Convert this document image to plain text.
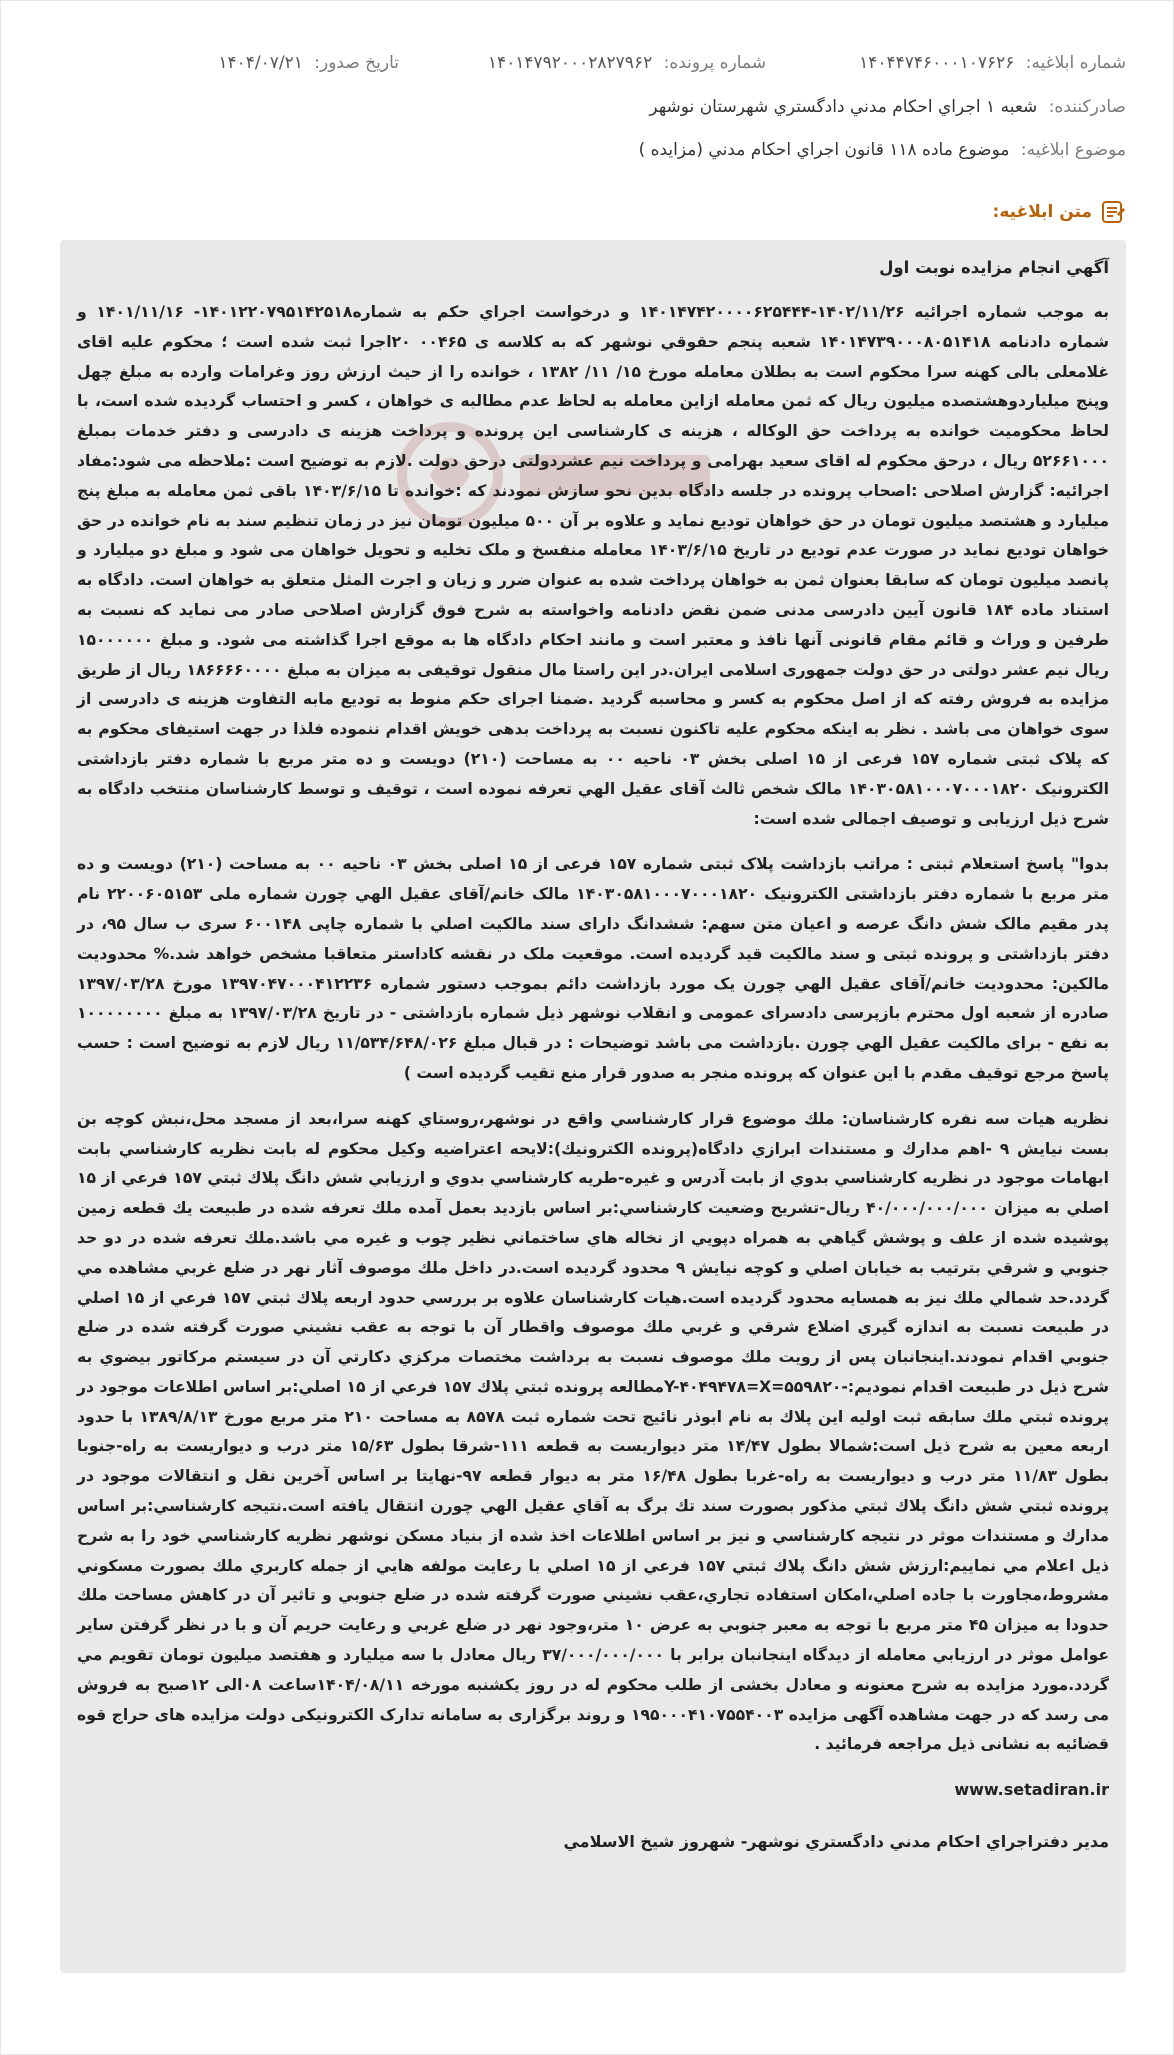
شماره ابلاغيه: ۱۴۰۴۴۷۴۶۰۰۰۱۰۷۶۲۶
شماره پرونده: ۱۴۰۱۴۷۹۲۰۰۰۲۸۲۷۹۶۲
تاريخ صدور: ۱۴۰۴/۰۷/۲۱
صادرکننده: شعبه ۱ اجراي احکام مدني دادگستري شهرستان نوشهر
موضوع ابلاغيه: موضوع ماده ۱۱۸ قانون اجراي احکام مدني (مزايده )
متن ابلاغيه:
آگهي انجام مزايده نوبت اول

به موجب شماره اجرائيه ۱۴۰۲/۱۱/۲۶-۱۴۰۱۴۷۴۲۰۰۰۰۶۲۵۴۴۴ و درخواست اجراي حکم به شماره۱۴۰۱۲۲۰۷۹۵۱۴۲۵۱۸- ۱۴۰۱/۱۱/۱۶ و شماره دادنامه ۱۴۰۱۴۷۳۹۰۰۰۸۰۵۱۴۱۸ شعبه پنجم حقوقي نوشهر که به کلاسه ی ۰۰۴۶۵ ۲۰اجرا ثبت شده است ؛ محکوم علیه اقای غلامعلی بالی کهنه سرا محکوم است به بطلان معامله مورخ ۱۵/ ۱۱/ ۱۳۸۲ ، خوانده را از حیث ارزش روز وغرامات وارده به مبلغ چهل وپنج میلیاردوهشتصده میلیون ریال که ثمن معامله ازاین معامله به لحاظ عدم مطالبه ی خواهان ، کسر و احتساب گردیده شده است، با لحاظ محکومیت خوانده به پرداخت حق الوکاله ، هزینه ی کارشناسی این پرونده و پرداخت هزینه ی دادرسی و دفتر خدمات بمبلغ ۵۲۶۶۱۰۰۰ ریال ، درحق محکوم له اقای سعید بهرامی و پرداخت نیم عشردولتی درحق دولت .لازم به توضیح است :ملاحظه می شود:مفاد اجرائیه: گزارش اصلاحی :اصحاب پرونده در جلسه دادگاه بدین نحو سازش نمودند که :خوانده تا ۱۴۰۳/۶/۱۵ باقی ثمن معامله به مبلغ پنج میلیارد و هشتصد میلیون تومان در حق خواهان توديع نمايد و علاوه بر آن ۵۰۰ ميليون تومان نيز در زمان تنظيم سند به نام خوانده در حق خواهان توديع نمايد در صورت عدم توديع در تاريخ ۱۴۰۳/۶/۱۵ معامله منفسخ و ملک تخليه و تحويل خواهان می شود و مبلغ دو ميليارد و پانصد ميليون تومان که سابقا بعنوان ثمن به خواهان پرداخت شده به عنوان ضرر و زيان و اجرت المثل متعلق به خواهان است. دادگاه به استناد ماده ۱۸۴ قانون آيين دادرسی مدنی ضمن نقض دادنامه واخواسته به شرح فوق گزارش اصلاحی صادر می نمايد که نسبت به طرفين و وراث و قائم مقام قانونی آنها نافذ و معتبر است و مانند احکام دادگاه ها به موقع اجرا گذاشته می شود. و مبلغ ۱۵۰۰۰۰۰۰ ریال نیم عشر دولتی در حق دولت جمهوری اسلامی ایران.در این راستا مال منقول توقیفی به میزان به مبلغ ۱۸۶۶۶۶۰۰۰۰ ریال از طریق مزایده به فروش رفته که از اصل محکوم به کسر و محاسبه گردید .ضمنا اجرای حکم منوط به توديع مابه التفاوت هزينه ی دادرسی از سوی خواهان می باشد . نظر به اينکه محکوم عليه تاکنون نسبت به پرداخت بدهی خويش اقدام ننموده فلذا در جهت استيفای محکوم به که پلاک ثبتی شماره ۱۵۷ فرعی از ۱۵ اصلی بخش ۰۳ ناحيه ۰۰ به مساحت (۲۱۰) دويست و ده متر مربع با شماره دفتر بازداشتی الکترونيک ۱۴۰۳۰۵۸۱۰۰۰۷۰۰۰۱۸۲۰ مالک شخص ثالث آقای عقيل الهي تعرفه نموده است ، توقيف و توسط کارشناسان منتخب دادگاه به شرح ذيل ارزيابی و توصيف اجمالی شده است:

بدوا" پاسخ استعلام ثبتی : مراتب بازداشت پلاک ثبتی شماره ۱۵۷ فرعی از ۱۵ اصلی بخش ۰۳ ناحیه ۰۰ به مساحت (۲۱۰) دویست و ده متر مربع با شماره دفتر بازداشتی الکترونیک ۱۴۰۳۰۵۸۱۰۰۰۷۰۰۰۱۸۲۰ مالک خانم/آقای عقیل الهي چورن شماره ملی ۲۲۰۰۶۰۵۱۵۳ نام پدر مقیم مالک شش دانگ عرصه و اعیان متن سهم: ششدانگ دارای سند مالکیت اصلي با شماره چاپی ۶۰۰۱۴۸ سری ب سال ۹۵، در دفتر بازداشتی و پرونده ثبتی و سند مالکیت قید گردیده است. موقعیت ملک در نقشه کاداستر متعاقبا مشخص خواهد شد.% محدودیت مالکین: محدودیت خانم/آقای عقیل الهي چورن یک مورد بازداشت دائم بموجب دستور شماره ۱۳۹۷۰۴۷۰۰۰۴۱۲۲۳۶ مورخ ۱۳۹۷/۰۳/۲۸ صادره از شعبه اول محترم بازپرسی دادسرای عمومی و انقلاب نوشهر ذیل شماره بازداشتی - در تاریخ ۱۳۹۷/۰۳/۲۸ به مبلغ ۱۰۰۰۰۰۰۰۰ به نفع - برای مالکیت عقیل الهي چورن .بازداشت می باشد توضیحات : در قبال مبلغ ۱۱/۵۳۴/۶۴۸/۰۲۶ ریال لازم به توضیح است : حسب پاسخ مرجع توقیف مقدم با این عنوان که پرونده منجر به صدور قرار منع تقیب گردیده است )

نظريه هيات سه نفره کارشناسان: ملك موضوع قرار كارشناسي واقع در نوشهر،روستاي كهنه سرا،بعد از مسجد محل،نبش كوچه بن بست نيايش ۹ -اهم مدارك و مستندات ابرازي دادگاه(پرونده الكترونيك):لايحه اعتراضيه وكيل محكوم له بابت نظريه كارشناسي بابت ابهامات موجود در نظريه كارشناسي بدوي از بابت آدرس و غيره-طريه كارشناسي بدوي و ارزيابي شش دانگ پلاك ثبتي ۱۵۷ فرعي از ۱۵ اصلي به ميزان ۴۰/۰۰۰/۰۰۰/۰۰۰ ريال-تشريح وضعيت كارشناسي:بر اساس بازديد بعمل آمده ملك تعرفه شده در طبيعت يك قطعه زمين پوشيده شده از علف و پوشش گياهي به همراه دپويي از نخاله هاي ساختماني نظير چوب و غيره مي باشد.ملك تعرفه شده در دو حد جنوبي و شرقي بترتيب به خيابان اصلي و كوچه نيايش ۹ محدود گرديده است.در داخل ملك موصوف آثار نهر در ضلع غربي مشاهده مي گردد.حد شمالي ملك نيز به همسايه محدود گرديده است.هيات كارشناسان علاوه بر بررسي حدود اربعه پلاك ثبتي ۱۵۷ فرعي از ۱۵ اصلي در طبيعت نسبت به اندازه گيري اضلاع شرقي و غربي ملك موصوف واقطار آن با توجه به عقب نشيني صورت گرفته شده در ضلع جنوبي اقدام نمودند.اينجانبان پس از رويت ملك موصوف نسبت به برداشت مختصات مركزي دكارتي آن در سيستم مركاتور بيضوي به شرح ذيل در طبيعت اقدام نموديم:-۵۵۹۸۲۰=Y-۴۰۴۹۴۷۸=Xمطالعه پرونده ثبتي پلاك ۱۵۷ فرعي از ۱۵ اصلي:بر اساس اطلاعات موجود در پرونده ثبتي ملك سابقه ثبت اوليه اين پلاك به نام ابوذر نائيج تحت شماره ثبت ۸۵۷۸ به مساحت ۲۱۰ متر مربع مورخ ۱۳۸۹/۸/۱۳ با حدود اربعه معين به شرح ذيل است:شمالا بطول ۱۴/۴۷ متر ديواريست به قطعه ۱۱۱-شرقا بطول ۱۵/۶۳ متر درب و ديواريست به راه-جنوبا بطول ۱۱/۸۳ متر درب و ديواريست به راه-غربا بطول ۱۶/۴۸ متر به ديوار قطعه ۹۷-نهايتا بر اساس آخرين نقل و انتقالات موجود در پرونده ثبتي شش دانگ پلاك ثبتي مذكور بصورت سند تك برگ به آقاي عقيل الهي چورن انتقال يافته است.نتيجه كارشناسي:بر اساس مدارك و مستندات موثر در نتيجه كارشناسي و نيز بر اساس اطلاعات اخذ شده از بنياد مسكن نوشهر نظريه كارشناسي خود را به شرح ذيل اعلام مي نماييم:ارزش شش دانگ پلاك ثبتي ۱۵۷ فرعي از ۱۵ اصلي با رعايت مولفه هايي از جمله كاربري ملك بصورت مسكوني مشروط،مجاورت با جاده اصلي،امكان استفاده تجاري،عقب نشيني صورت گرفته شده در ضلع جنوبي و تاثير آن در كاهش مساحت ملك حدودا به ميزان ۴۵ متر مربع با توجه به معبر جنوبي به عرض ۱۰ متر،وجود نهر در ضلع غربي و رعايت حريم آن و با در نظر گرفتن ساير عوامل موثر در ارزيابي معامله از ديدگاه اينجانبان برابر با ۳۷/۰۰۰/۰۰۰/۰۰۰ ريال معادل با سه ميليارد و هفتصد ميليون تومان تقويم مي گردد.مورد مزايده به شرح معنونه و معادل بخشى از طلب محكوم له در روز يكشنبه مورخه ۱۴۰۴/۰۸/۱۱ساعت ۰۸الی ۱۲صبح به فروش می رسد که در جهت مشاهده آگهی مزايده ۱۹۵۰۰۰۴۱۰۷۵۵۴۰۰۳ و روند برگزاری به سامانه تدارک الکترونيکی دولت مزايده های حراج قوه قضائيه به نشانی ذيل مراجعه فرمائيد .

www.setadiran.ir
مدير دفتراجراي احکام مدني دادگستري نوشهر- شهروز شيخ الاسلامي
